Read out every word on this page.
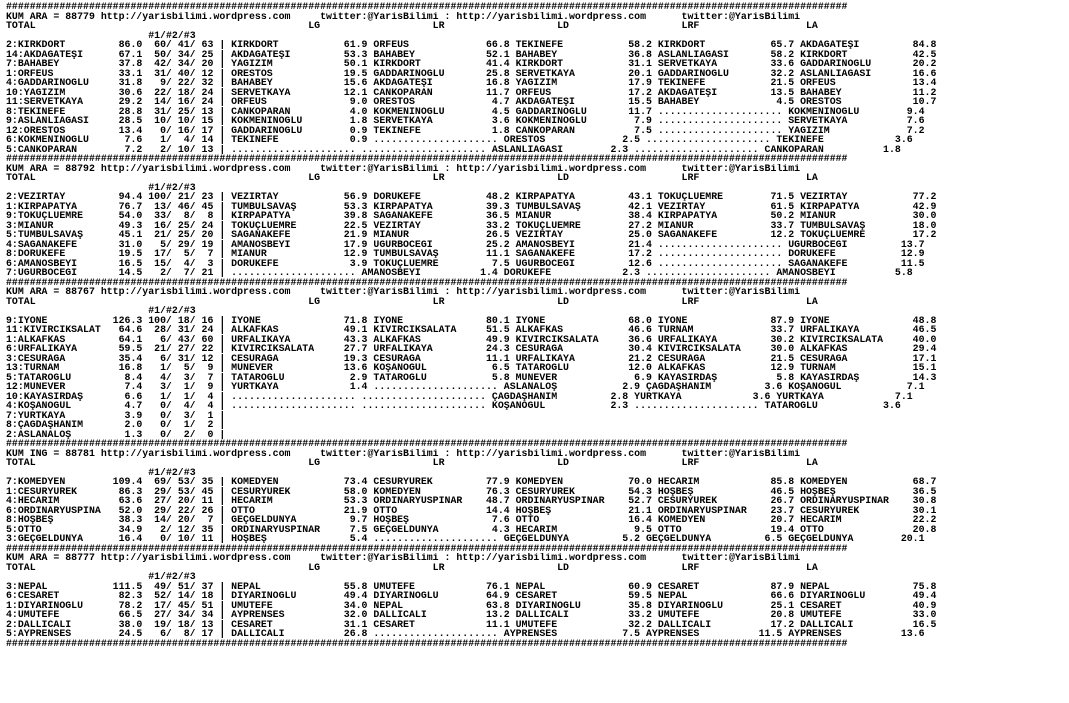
##############################################################################################################################################
KUM ARA = 88779 http://yarisbilimi.wordpress.com     twitter:@YarisBilimi : http://yarisbilimi.wordpress.com      twitter:@YarisBilimi
TOTAL                                              LG                   LR                   LD                   LRF                  LA
#1/#2/#3
2:KIRKDÖRT         86.0  60/ 41/ 63 | KIRKDÖRT           61.9 ORFEUS             66.8 TEKİNEFE           58.2 KIRKDÖRT           65.7 AKDAĞATEŞİ         84.8
14:AKDAĞATEŞİ      67.1  50/ 34/ 25 | AKDAĞATEŞİ         53.3 BAHABEY            52.1 BAHABEY            36.8 ASLANLIAĞASI       58.2 KIRKDÖRT           42.5
7:BAHABEY          37.8  42/ 34/ 20 | YAĞIZIM            50.1 KIRKDÖRT           41.4 KIRKDÖRT           31.1 SERVETKAYA         33.6 GADDARINOĞLU       20.2
1:ORFEUS           33.1  31/ 40/ 12 | ORESTOS            19.5 GADDARINOĞLU       25.8 SERVETKAYA         20.1 GADDARINOĞLU       32.2 ASLANLIAĞASI       16.6
4:GADDARINOĞLU     31.8   9/ 22/ 32 | BAHABEY            15.6 AKDAĞATEŞİ         16.8 YAĞIZIM            17.9 TEKİNEFE           21.5 ORFEUS             13.4
10:YAĞIZIM         30.6  22/ 18/ 24 | SERVETKAYA         12.1 CANKOPARAN         11.7 ORFEUS             17.2 AKDAĞATEŞİ         13.5 BAHABEY            11.2
11:SERVETKAYA      29.2  14/ 16/ 24 | ORFEUS              9.0 ORESTOS             4.7 AKDAĞATEŞİ         15.5 BAHABEY             4.5 ORESTOS            10.7
8:TEKİNEFE         28.8  31/ 25/ 13 | CANKOPARAN          4.0 KÖKMENİNOĞLU        4.5 GADDARINOĞLU       11.7 ..................... KÖKMENİNOĞLU        9.4
9:ASLANLIAĞASI     28.5  10/ 10/ 15 | KÖKMENİNOĞLU        1.8 SERVETKAYA          3.6 KÖKMENİNOĞLU        7.9 ..................... SERVETKAYA          7.6
12:ORESTOS         13.4   0/ 16/ 17 | GADDARINOĞLU        0.9 TEKİNEFE            1.8 CANKOPARAN          7.5 ..................... YAĞIZIM             7.2
6:KÖKMENİNOĞLU      7.6   1/  4/ 14 | TEKİNEFE            0.9 ..................... ORESTOS             2.5 ..................... TEKİNEFE            3.6
5:CANKOPARAN        7.2   2/ 10/ 13 | ..................... ..................... ASLANLIAĞASI        2.3 ..................... CANKOPARAN          1.8
##############################################################################################################################################
KUM ARA = 88792 http://yarisbilimi.wordpress.com     twitter:@YarisBilimi : http://yarisbilimi.wordpress.com      twitter:@YarisBilimi
TOTAL                                              LG                   LR                   LD                   LRF                  LA
#1/#2/#3
2:VEZİRTAY         94.4 100/ 21/ 23 | VEZİRTAY           56.9 DORUKEFE           48.2 KIRPAPATYA         43.1 TOKUÇLUEMRE        71.5 VEZİRTAY           77.2
1:KIRPAPATYA       76.7  13/ 46/ 45 | TUMBULSAVAŞ        53.3 KIRPAPATYA         39.3 TUMBULSAVAŞ        42.1 VEZİRTAY           61.5 KIRPAPATYA         42.9
9:TOKUÇLUEMRE      54.0  33/  8/  8 | KIRPAPATYA         39.8 SAĞANAKEFE         36.5 MİANUR             38.4 KIRPAPATYA         50.2 MİANUR             30.0
3:MİANUR           49.3  16/ 25/ 24 | TOKUÇLUEMRE        22.5 VEZİRTAY           33.2 TOKUÇLUEMRE        27.2 MİANUR             33.7 TUMBULSAVAŞ        18.0
5:TUMBULSAVAŞ      45.1  21/ 25/ 20 | SAĞANAKEFE         21.9 MİANUR             26.5 VEZİRTAY           25.0 SAĞANAKEFE         12.2 TOKUÇLUEMRE        17.2
4:SAĞANAKEFE       31.0   5/ 29/ 19 | AMANOSBEYİ         17.9 UĞURBÖCEĞİ         25.2 AMANOSBEYİ         21.4 ..................... UĞURBÖCEĞİ         13.7
8:DORUKEFE         19.5  17/  5/  7 | MİANUR             12.9 TUMBULSAVAŞ        11.1 SAĞANAKEFE         17.2 ..................... DORUKEFE           12.9
6:AMANOSBEYİ       16.5  15/  4/  3 | DORUKEFE            3.9 TOKUÇLUEMRE         7.5 UĞURBÖCEĞİ         12.6 ..................... SAĞANAKEFE         11.5
7:UĞURBÖCEĞİ       14.5   2/  7/ 21 | ..................... AMANOSBEYİ          1.4 DORUKEFE            2.3 ..................... AMANOSBEYİ          5.8
##############################################################################################################################################
KUM ARA = 88767 http://yarisbilimi.wordpress.com     twitter:@YarisBilimi : http://yarisbilimi.wordpress.com      twitter:@YarisBilimi
TOTAL                                              LG                   LR                   LD                   LRF                  LA
#1/#2/#3
9:İYONE           126.3 100/ 18/ 16 | İYONE              71.8 İYONE              80.1 İYONE              68.0 İYONE              87.9 İYONE              48.8
11:KIVIRCIKSALAT   64.6  28/ 31/ 24 | ALKAFKAS           49.1 KIVIRCIKSALATA     51.5 ALKAFKAS           46.6 TURNAM             33.7 URFALIKAYA         46.5
1:ALKAFKAS         64.1   6/ 43/ 60 | URFALIKAYA         43.3 ALKAFKAS           49.9 KIVIRCIKSALATA     36.6 URFALIKAYA         30.2 KIVIRCIKSALATA     40.0
6:URFALIKAYA       59.5  21/ 27/ 22 | KIVIRCIKSALATA     27.7 URFALIKAYA         24.3 CESURAĞA           30.4 KIVIRCIKSALATA     30.0 ALKAFKAS           29.4
3:CESURAĞA         35.4   6/ 31/ 12 | CESURAĞA           19.3 CESURAĞA           11.1 URFALIKAYA         21.2 CESURAĞA           21.5 CESURAĞA           17.1
13:TURNAM          16.8   1/  5/  9 | MÜNEVER            13.6 KOŞANOĞUL           6.5 TATAROĞLU          12.0 ALKAFKAS           12.9 TURNAM             15.1
5:TATAROĞLU         8.4   4/  3/  7 | TATAROĞLU           2.9 TATAROĞLU           5.8 MÜNEVER             6.9 KAYASIRDAŞ          5.8 KAYASIRDAŞ         14.3
12:MÜNEVER          7.4   3/  1/  9 | YURTKAYA            1.4 ..................... ASLANALOŞ           2.9 ÇAĞDAŞHANIM         3.6 KOŞANOĞUL           7.1
10:KAYASIRDAŞ       6.6   1/  1/  4 | ..................... ..................... ÇAĞDAŞHANIM         2.8 YURTKAYA            3.6 YURTKAYA            7.1
4:KOŞANOĞUL         4.7   0/  4/  4 | ..................... ..................... KOŞANOĞUL           2.3 ..................... TATAROĞLU           3.6
7:YURTKAYA          3.9   0/  3/  1 |
8:ÇAĞDAŞHANIM       2.0   0/  1/  2 |
2:ASLANALOŞ         1.3   0/  2/  0 |
##############################################################################################################################################
KUM ING = 88781 http://yarisbilimi.wordpress.com     twitter:@YarisBilimi : http://yarisbilimi.wordpress.com      twitter:@YarisBilimi
TOTAL                                              LG                   LR                   LD                   LRF                  LA
#1/#2/#3
7:KOMEDYEN        109.4  69/ 53/ 35 | KOMEDYEN           73.4 CESURYÜREK         77.9 KOMEDYEN           70.0 HECARİM            85.8 KOMEDYEN           68.7
1:CESURYÜREK       86.3  29/ 53/ 45 | CESURYÜREK         58.0 KOMEDYEN           76.3 CESURYÜREK         54.3 HOŞBEŞ             46.5 HOŞBEŞ             36.5
4:HECARİM          63.6  27/ 20/ 11 | HECARİM            53.3 ORDİNARYÜSPINAR    48.7 ORDİNARYÜSPINAR    52.7 CESURYÜREK         26.7 ORDİNARYÜSPINAR    30.8
6:ORDİNARYÜSPINA   52.0  29/ 22/ 26 | OTTO               21.9 OTTO               14.4 HOŞBEŞ             21.1 ORDİNARYÜSPINAR    23.7 CESURYÜREK         30.1
8:HOŞBEŞ           38.3  14/ 20/  7 | GEÇGELDÜNYA         9.7 HOŞBEŞ              7.6 OTTO               16.4 KOMEDYEN           20.7 HECARİM            22.2
5:OTTO             34.9   2/ 12/ 35 | ORDİNARYÜSPINAR     7.5 GEÇGELDÜNYA         4.3 HECARİM             9.5 OTTO               19.4 OTTO               20.8
3:GEÇGELDÜNYA      16.4   0/ 10/ 11 | HOŞBEŞ              5.4 ..................... GEÇGELDÜNYA         5.2 GEÇGELDÜNYA         6.5 GEÇGELDÜNYA        20.1
##############################################################################################################################################
KUM ARA = 88777 http://yarisbilimi.wordpress.com     twitter:@YarisBilimi : http://yarisbilimi.wordpress.com      twitter:@YarisBilimi
TOTAL                                              LG                   LR                   LD                   LRF                  LA
#1/#2/#3
3:NEPAL           111.5  49/ 51/ 37 | NEPAL              55.8 UMUTEFE            76.1 NEPAL              60.9 CESARET            87.9 NEPAL              75.8
6:CESARET          82.3  52/ 14/ 18 | DİYARINOĞLU        49.4 DİYARINOĞLU        64.9 CESARET            59.5 NEPAL              66.6 DİYARINOĞLU        49.4
1:DİYARINOĞLU      78.2  17/ 45/ 51 | UMUTEFE            34.0 NEPAL              63.8 DİYARINOĞLU        35.8 DİYARINOĞLU        25.1 CESARET            40.9
4:UMUTEFE          66.5  27/ 34/ 34 | AYPRENSES          32.0 DALLICALI          13.2 DALLICALI          33.2 UMUTEFE            20.8 UMUTEFE            33.0
2:DALLICALI        38.0  19/ 18/ 13 | CESARET            31.1 CESARET            11.1 UMUTEFE            32.2 DALLICALI          17.2 DALLICALI          16.5
5:AYPRENSES        24.5   6/  8/ 17 | DALLICALI          26.8 ..................... AYPRENSES           7.5 AYPRENSES          11.5 AYPRENSES          13.6
##############################################################################################################################################
